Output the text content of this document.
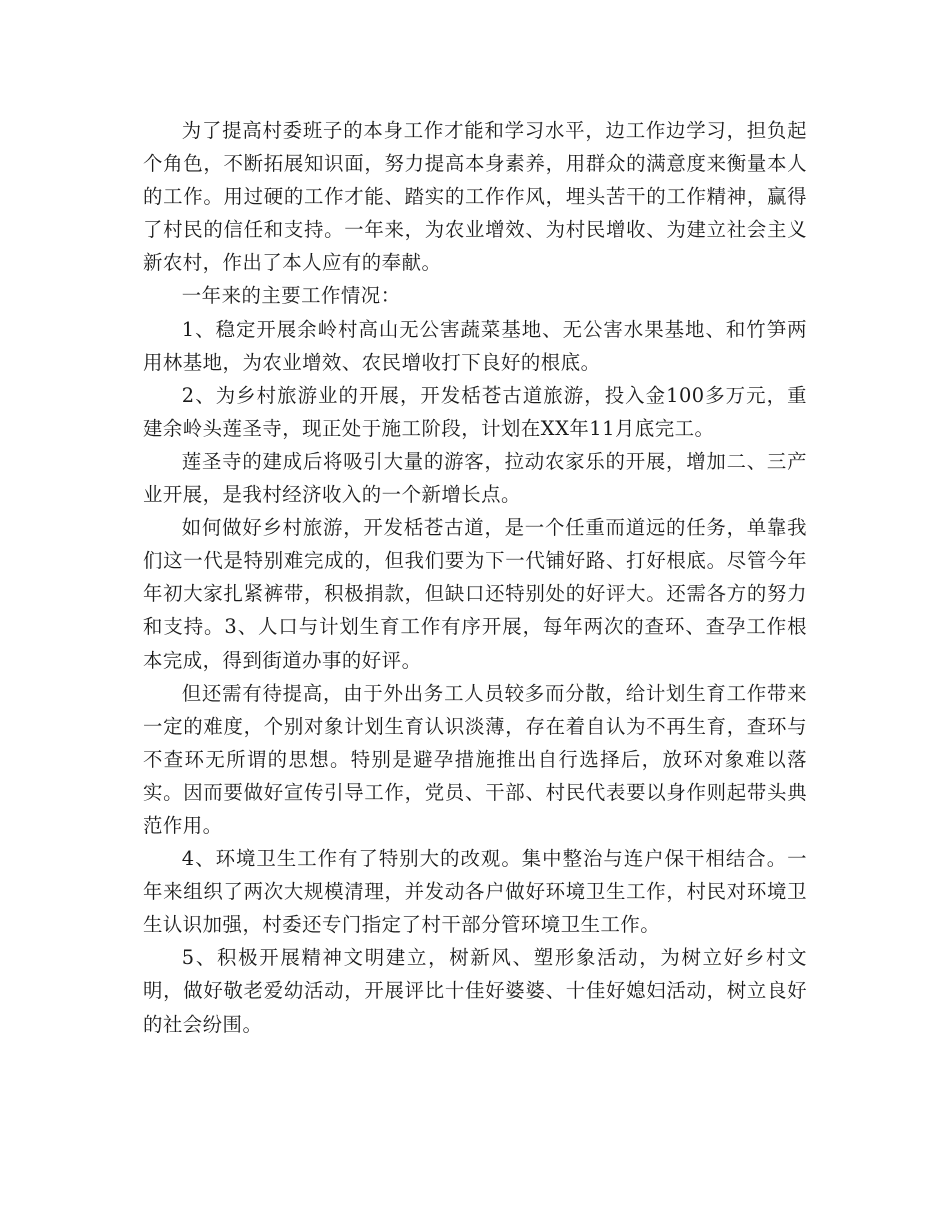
为了提高村委班子的本身工作才能和学习水平，边工作边学习，担负起个角色，不断拓展知识面，努力提高本身素养，用群众的满意度来衡量本人的工作。用过硬的工作才能、踏实的工作作风，埋头苦干的工作精神，赢得了村民的信任和支持。一年来，为农业增效、为村民增收、为建立社会主义新农村，作出了本人应有的奉献。

一年来的主要工作情况：

1、稳定开展余岭村高山无公害蔬菜基地、无公害水果基地、和竹笋两用林基地，为农业增效、农民增收打下良好的根底。

2、为乡村旅游业的开展，开发栝苍古道旅游，投入金100多万元，重建余岭头莲圣寺，现正处于施工阶段，计划在XX年11月底完工。

莲圣寺的建成后将吸引大量的游客，拉动农家乐的开展，增加二、三产业开展，是我村经济收入的一个新增长点。

如何做好乡村旅游，开发栝苍古道，是一个任重而道远的任务，单靠我们这一代是特别难完成的，但我们要为下一代铺好路、打好根底。尽管今年年初大家扎紧裤带，积极捐款，但缺口还特别处的好评大。还需各方的努力和支持。3、人口与计划生育工作有序开展，每年两次的查环、查孕工作根本完成，得到街道办事的好评。

但还需有待提高，由于外出务工人员较多而分散，给计划生育工作带来一定的难度，个别对象计划生育认识淡薄，存在着自认为不再生育，查环与不查环无所谓的思想。特别是避孕措施推出自行选择后，放环对象难以落实。因而要做好宣传引导工作，党员、干部、村民代表要以身作则起带头典范作用。

4、环境卫生工作有了特别大的改观。集中整治与连户保干相结合。一年来组织了两次大规模清理，并发动各户做好环境卫生工作，村民对环境卫生认识加强，村委还专门指定了村干部分管环境卫生工作。

5、积极开展精神文明建立，树新风、塑形象活动，为树立好乡村文明，做好敬老爱幼活动，开展评比十佳好婆婆、十佳好媳妇活动，树立良好的社会纷围。
